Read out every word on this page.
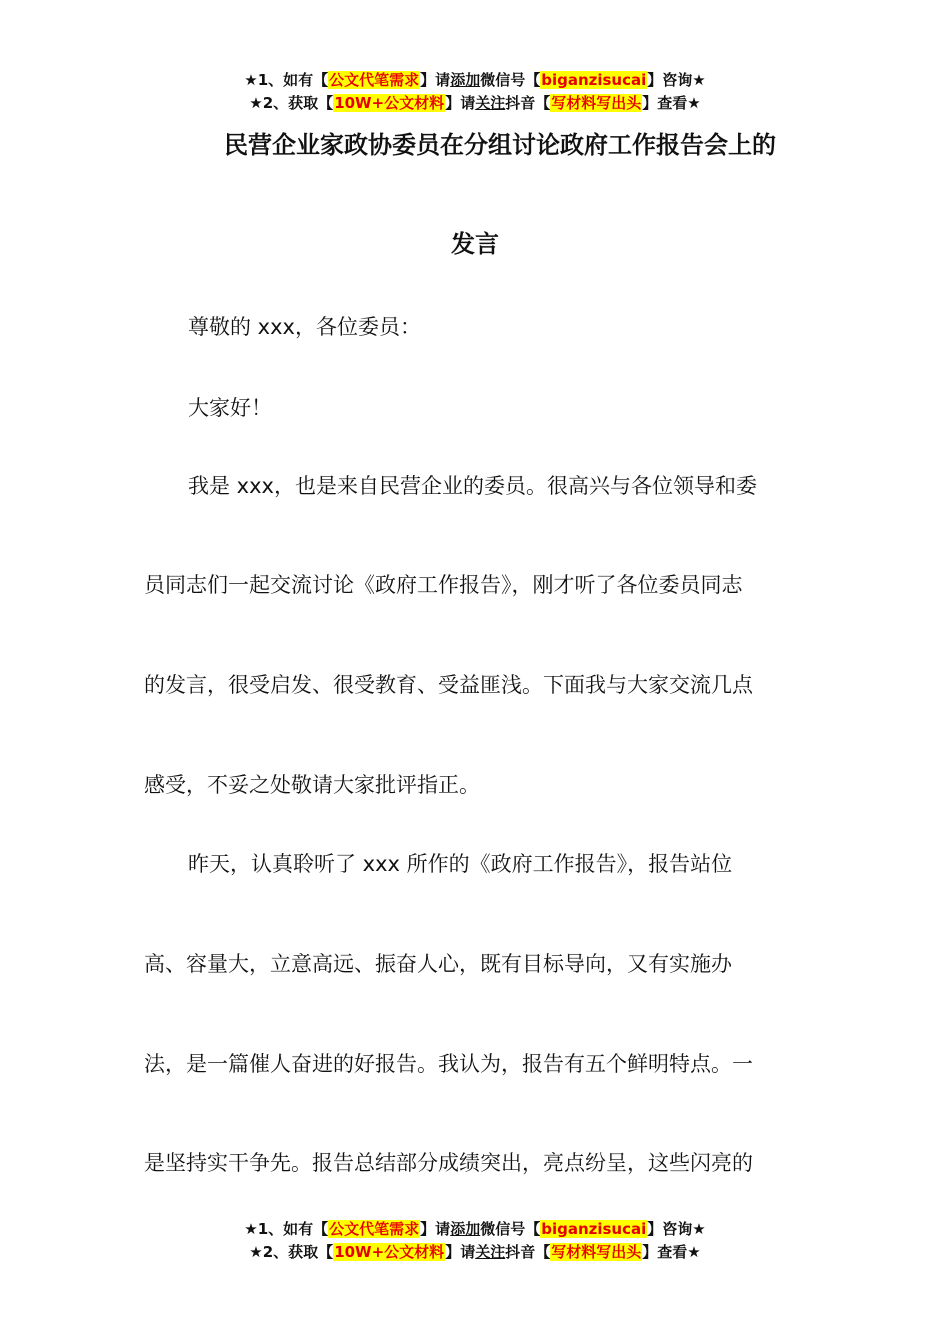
★1、如有【公文代笔需求】请添加微信号【biganzisucai】咨询★
★2、获取【10W+公文材料】请关注抖音【写材料写出头】查看★
民营企业家政协委员在分组讨论政府工作报告会上的
发言
尊敬的 xxx，各位委员：
大家好！
我是 xxx，也是来自民营企业的委员。很高兴与各位领导和委
员同志们一起交流讨论《政府工作报告》，刚才听了各位委员同志
的发言，很受启发、很受教育、受益匪浅。下面我与大家交流几点
感受，不妥之处敬请大家批评指正。
昨天，认真聆听了 xxx 所作的《政府工作报告》，报告站位
高、容量大，立意高远、振奋人心，既有目标导向，又有实施办
法，是一篇催人奋进的好报告。我认为，报告有五个鲜明特点。一
是坚持实干争先。报告总结部分成绩突出，亮点纷呈，这些闪亮的
★1、如有【公文代笔需求】请添加微信号【biganzisucai】咨询★
★2、获取【10W+公文材料】请关注抖音【写材料写出头】查看★
